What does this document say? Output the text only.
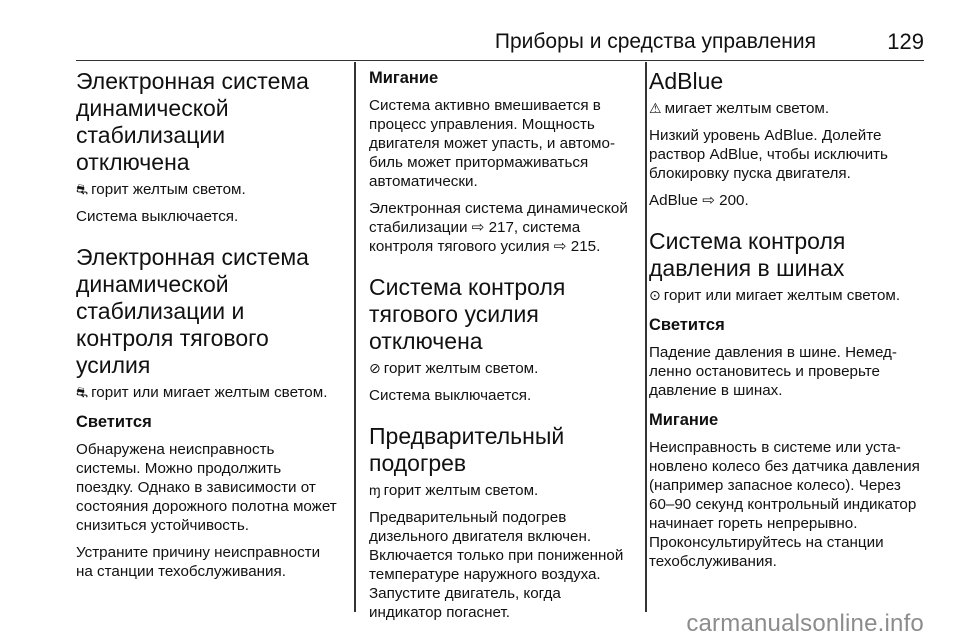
Приборы и средства управления	129
Электронная система динамической стабилизации отключена

⛐ горит желтым светом.

Система выключается.

Электронная система динамической стабилизации и контроля тягового усилия

⛐ горит или мигает желтым светом.

Светится

Обнаружена неисправность системы. Можно продолжить поездку. Однако в зависимости от состояния дорожного полотна может снизиться устойчивость.

Устраните причину неисправности на станции техобслуживания.

Мигание

Система активно вмешивается в процесс управления. Мощность двигателя может упасть, и автомобиль может притормаживаться автоматически.

Электронная система динамической стабилизации ⇨ 217, система контроля тягового усилия ⇨ 215.

Система контроля тягового усилия отключена

⊘ горит желтым светом.

Система выключается.

Предварительный подогрев

ɱ горит желтым светом.

Предварительный подогрев дизельного двигателя включен. Включается только при пониженной температуре наружного воздуха. Запустите двигатель, когда индикатор погаснет.

AdBlue

⚠ мигает желтым светом.

Низкий уровень AdBlue. Долейте раствор AdBlue, чтобы исключить блокировку пуска двигателя.

AdBlue ⇨ 200.

Система контроля давления в шинах

⊙ горит или мигает желтым светом.

Светится

Падение давления в шине. Немедленно остановитесь и проверьте давление в шинах.

Мигание

Неисправность в системе или установлено колесо без датчика давления (например запасное колесо). Через 60–90 секунд контрольный индикатор начинает гореть непрерывно. Проконсультируйтесь на станции техобслуживания.

carmanualsonline.info
